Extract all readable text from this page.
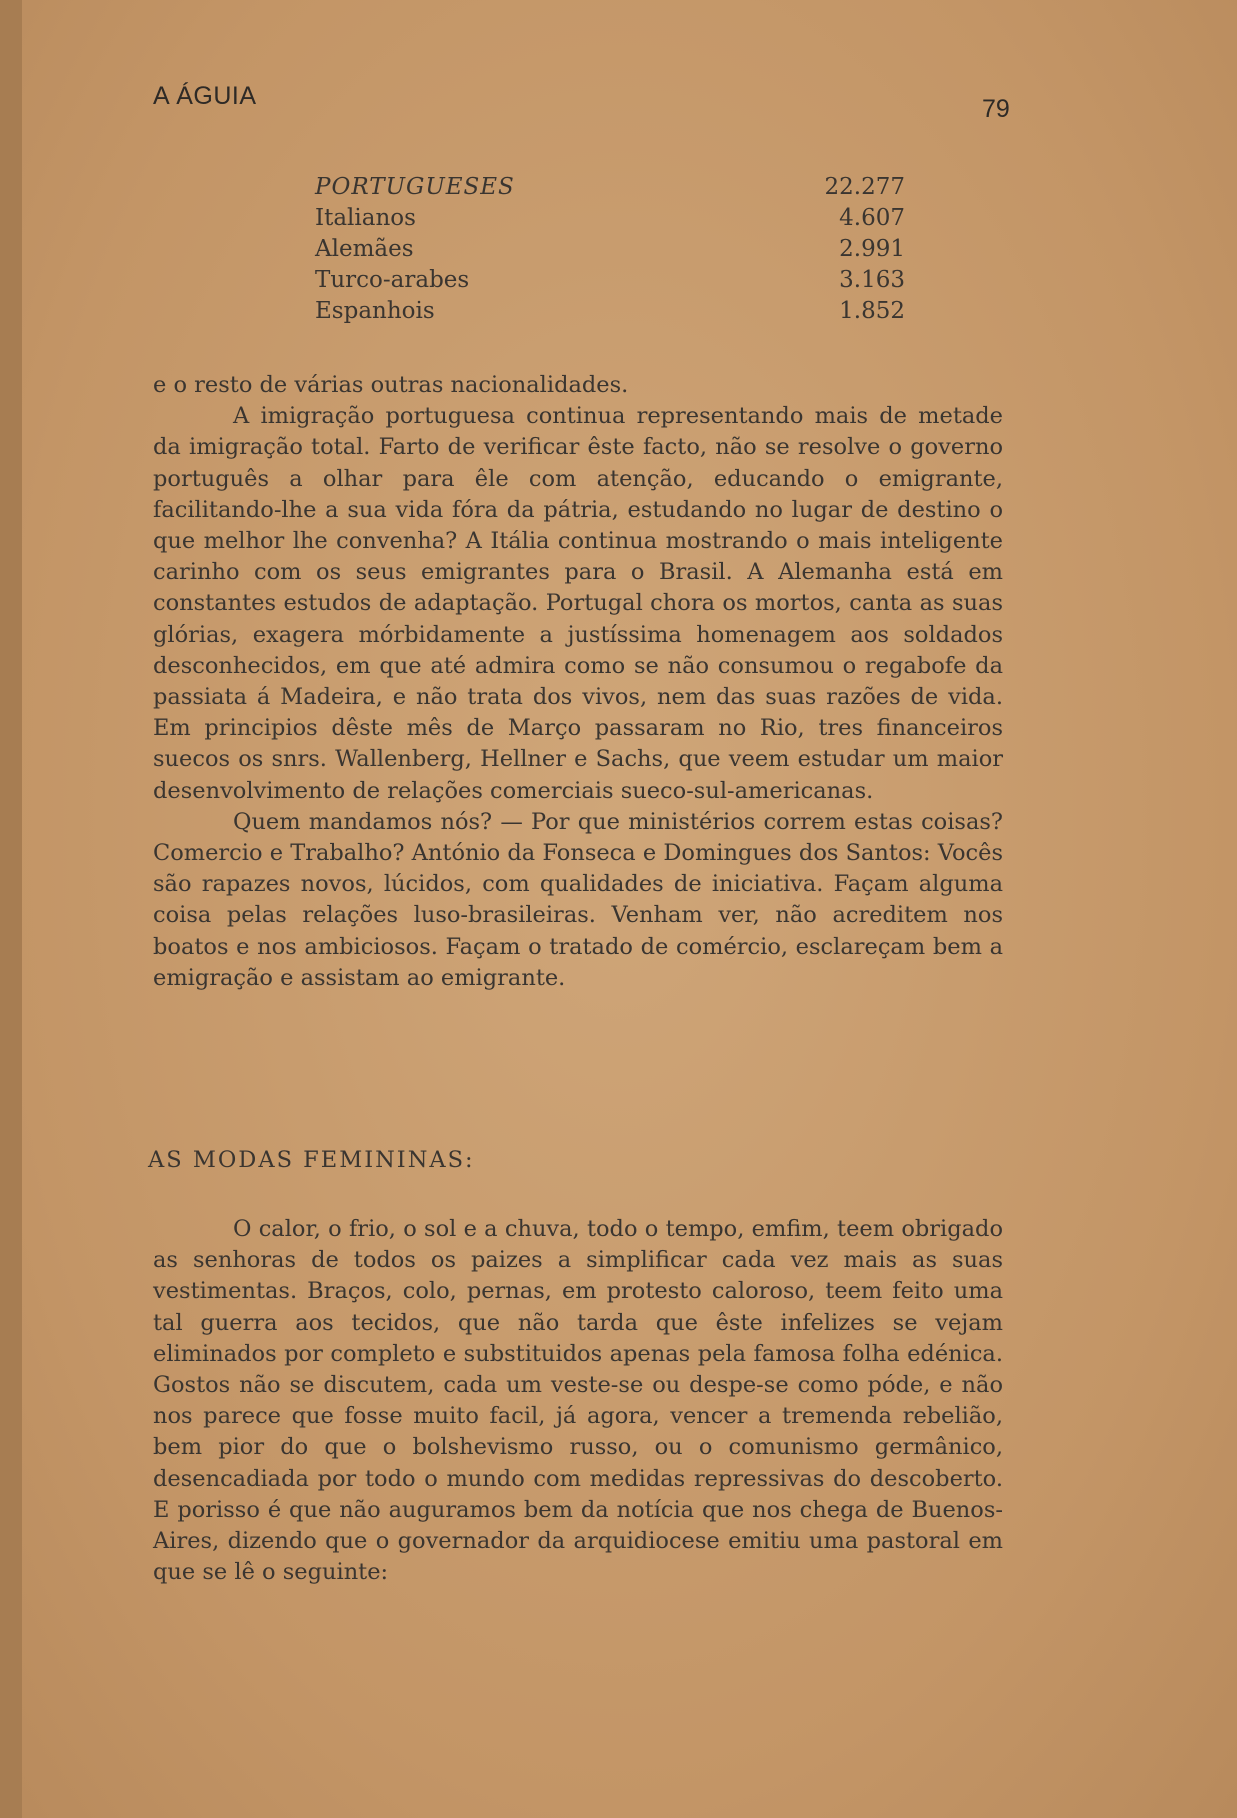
A ÁGUIA	79
PORTUGUESES	22.277
Italianos	4.607
Alemães	2.991
Turco-arabes	3.163
Espanhois	1.852

e o resto de várias outras nacionalidades.

A imigração portuguesa continua representando mais de metade da imigração total. Farto de verificar êste facto, não se resolve o governo português a olhar para êle com atenção, educando o emigrante, facilitando-lhe a sua vida fóra da pátria, estudando no lugar de destino o que melhor lhe convenha? A Itália continua mostrando o mais inteligente carinho com os seus emigrantes para o Brasil. A Alemanha está em constantes estudos de adaptação. Portugal chora os mortos, canta as suas glórias, exagera mórbidamente a justíssima homenagem aos soldados desconhecidos, em que até admira como se não consumou o regabofe da passiata á Madeira, e não trata dos vivos, nem das suas razões de vida. Em principios dêste mês de Março passaram no Rio, tres financeiros suecos os snrs. Wallenberg, Hellner e Sachs, que veem estudar um maior desenvolvimento de relações comerciais sueco-sul-americanas.

Quem mandamos nós? — Por que ministérios correm estas coisas? Comercio e Trabalho? António da Fonseca e Domingues dos Santos: Vocês são rapazes novos, lúcidos, com qualidades de iniciativa. Façam alguma coisa pelas relações luso-brasileiras. Venham ver, não acreditem nos boatos e nos ambiciosos. Façam o tratado de comércio, esclareçam bem a emigração e assistam ao emigrante.

AS MODAS FEMININAS:

O calor, o frio, o sol e a chuva, todo o tempo, emfim, teem obrigado as senhoras de todos os paizes a simplificar cada vez mais as suas vestimentas. Braços, colo, pernas, em protesto caloroso, teem feito uma tal guerra aos tecidos, que não tarda que êste infelizes se vejam eliminados por completo e substituidos apenas pela famosa folha edénica. Gostos não se discutem, cada um veste-se ou despe-se como póde, e não nos parece que fosse muito facil, já agora, vencer a tremenda rebelião, bem pior do que o bolshevismo russo, ou o comunismo germânico, desencadiada por todo o mundo com medidas repressivas do descoberto. E porisso é que não auguramos bem da notícia que nos chega de Buenos-Aires, dizendo que o governador da arquidiocese emitiu uma pastoral em que se lê o seguinte:
